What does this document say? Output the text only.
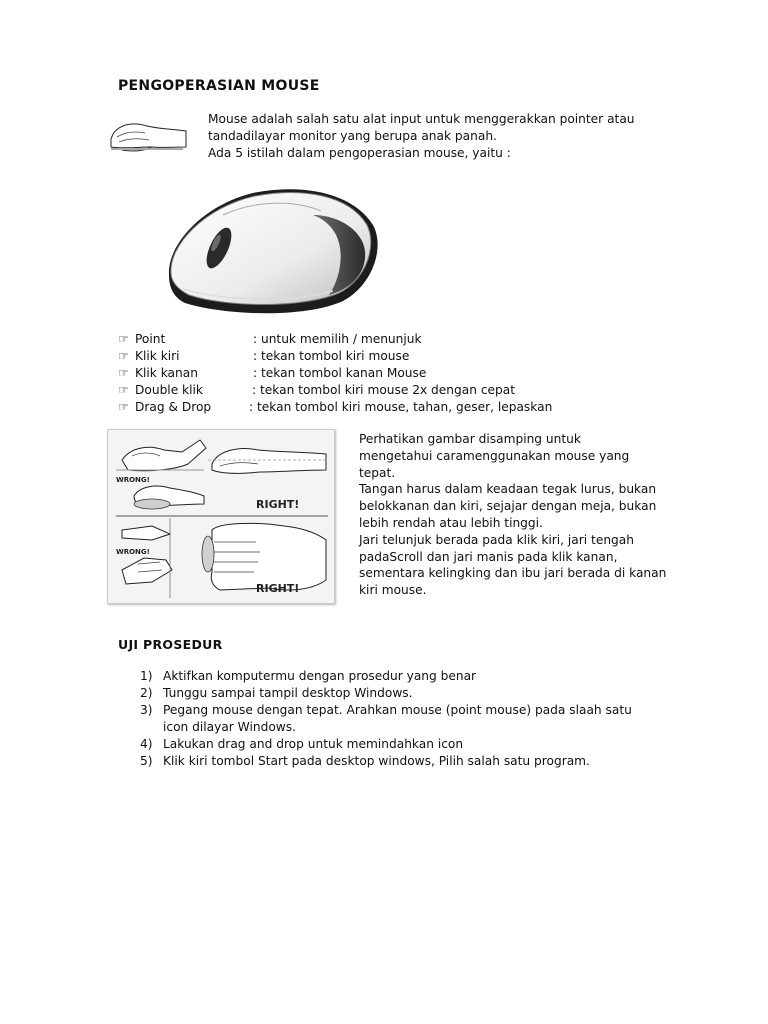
PENGOPERASIAN MOUSE
Mouse adalah salah satu alat input untuk menggerakkan pointer atau
tandadilayar monitor yang berupa anak panah.
Ada 5 istilah dalam pengoperasian mouse, yaitu :
☞ Point	: untuk memilih / menunjuk
☞ Klik kiri	: tekan tombol kiri mouse
☞ Klik kanan	: tekan tombol kanan Mouse
☞ Double klik	: tekan tombol kiri mouse 2x dengan cepat
☞ Drag & Drop	: tekan tombol kiri mouse, tahan, geser, lepaskan
WRONG!
RIGHT!
WRONG!
RIGHT!
Perhatikan gambar disamping untuk
mengetahui caramenggunakan mouse yang
tepat.
Tangan harus dalam keadaan tegak lurus, bukan
belokkanan dan kiri, sejajar dengan meja, bukan
lebih rendah atau lebih tinggi.
Jari telunjuk berada pada klik kiri, jari tengah
padaScroll dan jari manis pada klik kanan,
sementara kelingking dan ibu jari berada di kanan
kiri mouse.
UJI PROSEDUR
1) Aktifkan komputermu dengan prosedur yang benar
2) Tunggu sampai tampil desktop Windows.
3) Pegang mouse dengan tepat. Arahkan mouse (point mouse) pada slaah satu
icon dilayar Windows.
4) Lakukan drag and drop untuk memindahkan icon
5) Klik kiri tombol Start pada desktop windows, Pilih salah satu program.
